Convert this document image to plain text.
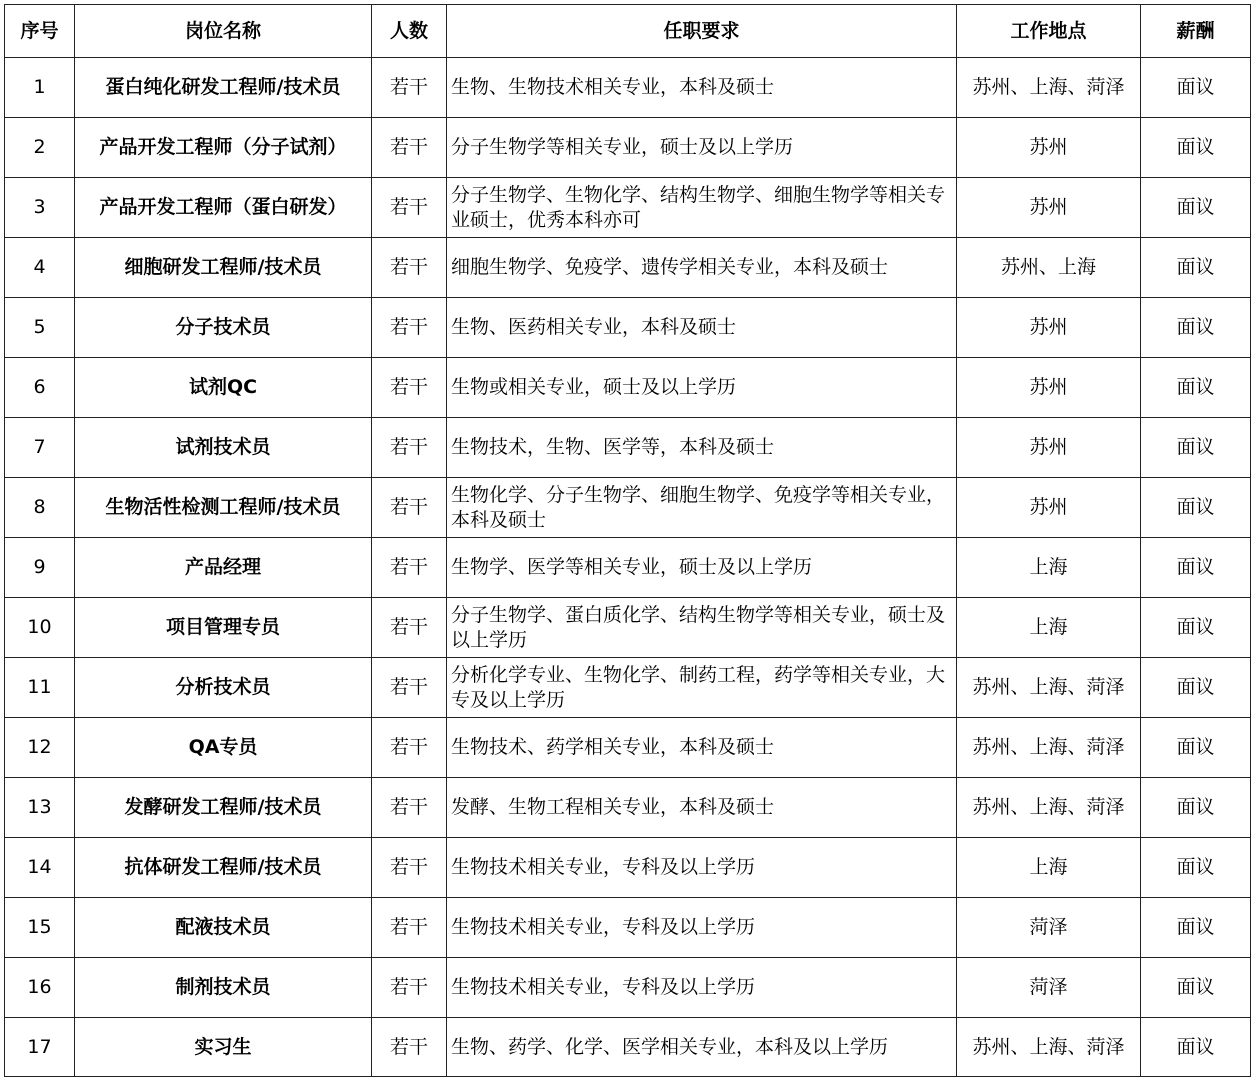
序号	岗位名称	人数	任职要求	工作地点	薪酬
1	蛋白纯化研发工程师/技术员	若干	生物、生物技术相关专业，本科及硕士	苏州、上海、菏泽	面议
2	产品开发工程师（分子试剂）	若干	分子生物学等相关专业，硕士及以上学历	苏州	面议
3	产品开发工程师（蛋白研发）	若干	分子生物学、生物化学、结构生物学、细胞生物学等相关专业硕士，优秀本科亦可	苏州	面议
4	细胞研发工程师/技术员	若干	细胞生物学、免疫学、遗传学相关专业，本科及硕士	苏州、上海	面议
5	分子技术员	若干	生物、医药相关专业，本科及硕士	苏州	面议
6	试剂QC	若干	生物或相关专业，硕士及以上学历	苏州	面议
7	试剂技术员	若干	生物技术，生物、医学等，本科及硕士	苏州	面议
8	生物活性检测工程师/技术员	若干	生物化学、分子生物学、细胞生物学、免疫学等相关专业，本科及硕士	苏州	面议
9	产品经理	若干	生物学、医学等相关专业，硕士及以上学历	上海	面议
10	项目管理专员	若干	分子生物学、蛋白质化学、结构生物学等相关专业，硕士及以上学历	上海	面议
11	分析技术员	若干	分析化学专业、生物化学、制药工程，药学等相关专业，大专及以上学历	苏州、上海、菏泽	面议
12	QA专员	若干	生物技术、药学相关专业，本科及硕士	苏州、上海、菏泽	面议
13	发酵研发工程师/技术员	若干	发酵、生物工程相关专业，本科及硕士	苏州、上海、菏泽	面议
14	抗体研发工程师/技术员	若干	生物技术相关专业，专科及以上学历	上海	面议
15	配液技术员	若干	生物技术相关专业，专科及以上学历	菏泽	面议
16	制剂技术员	若干	生物技术相关专业，专科及以上学历	菏泽	面议
17	实习生	若干	生物、药学、化学、医学相关专业，本科及以上学历	苏州、上海、菏泽	面议
